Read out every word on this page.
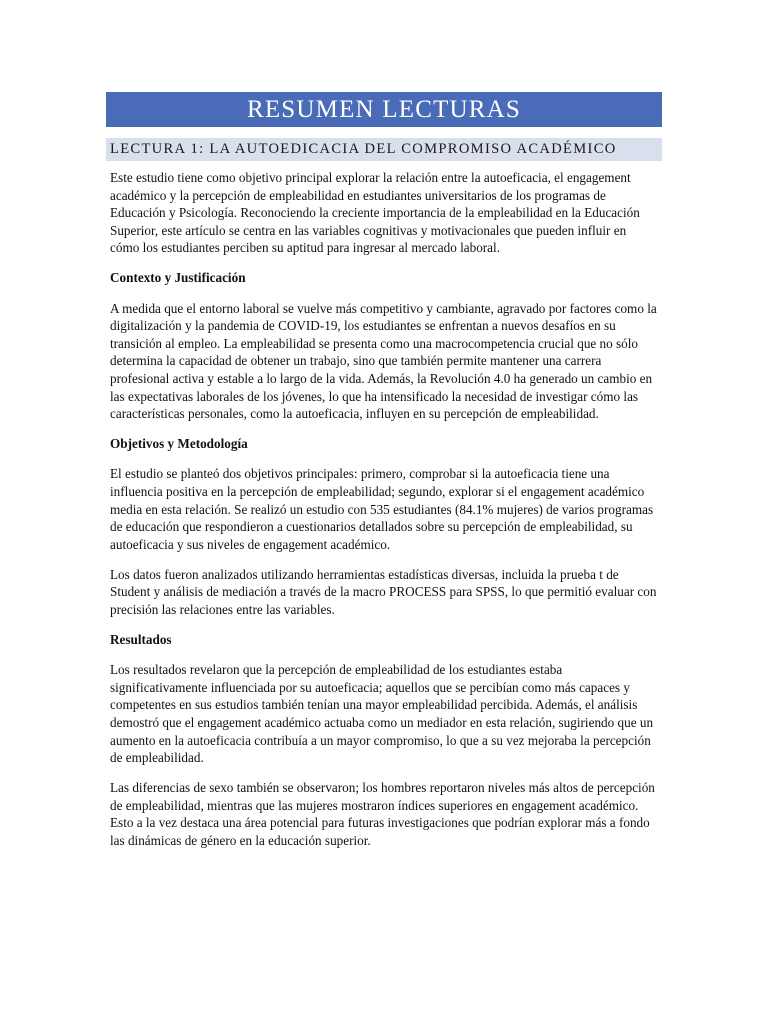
RESUMEN LECTURAS
LECTURA 1: LA AUTOEDICACIA DEL COMPROMISO ACADÉMICO

Este estudio tiene como objetivo principal explorar la relación entre la autoeficacia, el engagement académico y la percepción de empleabilidad en estudiantes universitarios de los programas de Educación y Psicología. Reconociendo la creciente importancia de la empleabilidad en la Educación Superior, este artículo se centra en las variables cognitivas y motivacionales que pueden influir en cómo los estudiantes perciben su aptitud para ingresar al mercado laboral.

Contexto y Justificación

A medida que el entorno laboral se vuelve más competitivo y cambiante, agravado por factores como la digitalización y la pandemia de COVID-19, los estudiantes se enfrentan a nuevos desafíos en su transición al empleo. La empleabilidad se presenta como una macrocompetencia crucial que no sólo determina la capacidad de obtener un trabajo, sino que también permite mantener una carrera profesional activa y estable a lo largo de la vida. Además, la Revolución 4.0 ha generado un cambio en las expectativas laborales de los jóvenes, lo que ha intensificado la necesidad de investigar cómo las características personales, como la autoeficacia, influyen en su percepción de empleabilidad.

Objetivos y Metodología

El estudio se planteó dos objetivos principales: primero, comprobar si la autoeficacia tiene una influencia positiva en la percepción de empleabilidad; segundo, explorar si el engagement académico media en esta relación. Se realizó un estudio con 535 estudiantes (84.1% mujeres) de varios programas de educación que respondieron a cuestionarios detallados sobre su percepción de empleabilidad, su autoeficacia y sus niveles de engagement académico.

Los datos fueron analizados utilizando herramientas estadísticas diversas, incluida la prueba t de Student y análisis de mediación a través de la macro PROCESS para SPSS, lo que permitió evaluar con precisión las relaciones entre las variables.

Resultados

Los resultados revelaron que la percepción de empleabilidad de los estudiantes estaba significativamente influenciada por su autoeficacia; aquellos que se percibían como más capaces y competentes en sus estudios también tenían una mayor empleabilidad percibida. Además, el análisis demostró que el engagement académico actuaba como un mediador en esta relación, sugiriendo que un aumento en la autoeficacia contribuía a un mayor compromiso, lo que a su vez mejoraba la percepción de empleabilidad.

Las diferencias de sexo también se observaron; los hombres reportaron niveles más altos de percepción de empleabilidad, mientras que las mujeres mostraron índices superiores en engagement académico. Esto a la vez destaca una área potencial para futuras investigaciones que podrían explorar más a fondo las dinámicas de género en la educación superior.
